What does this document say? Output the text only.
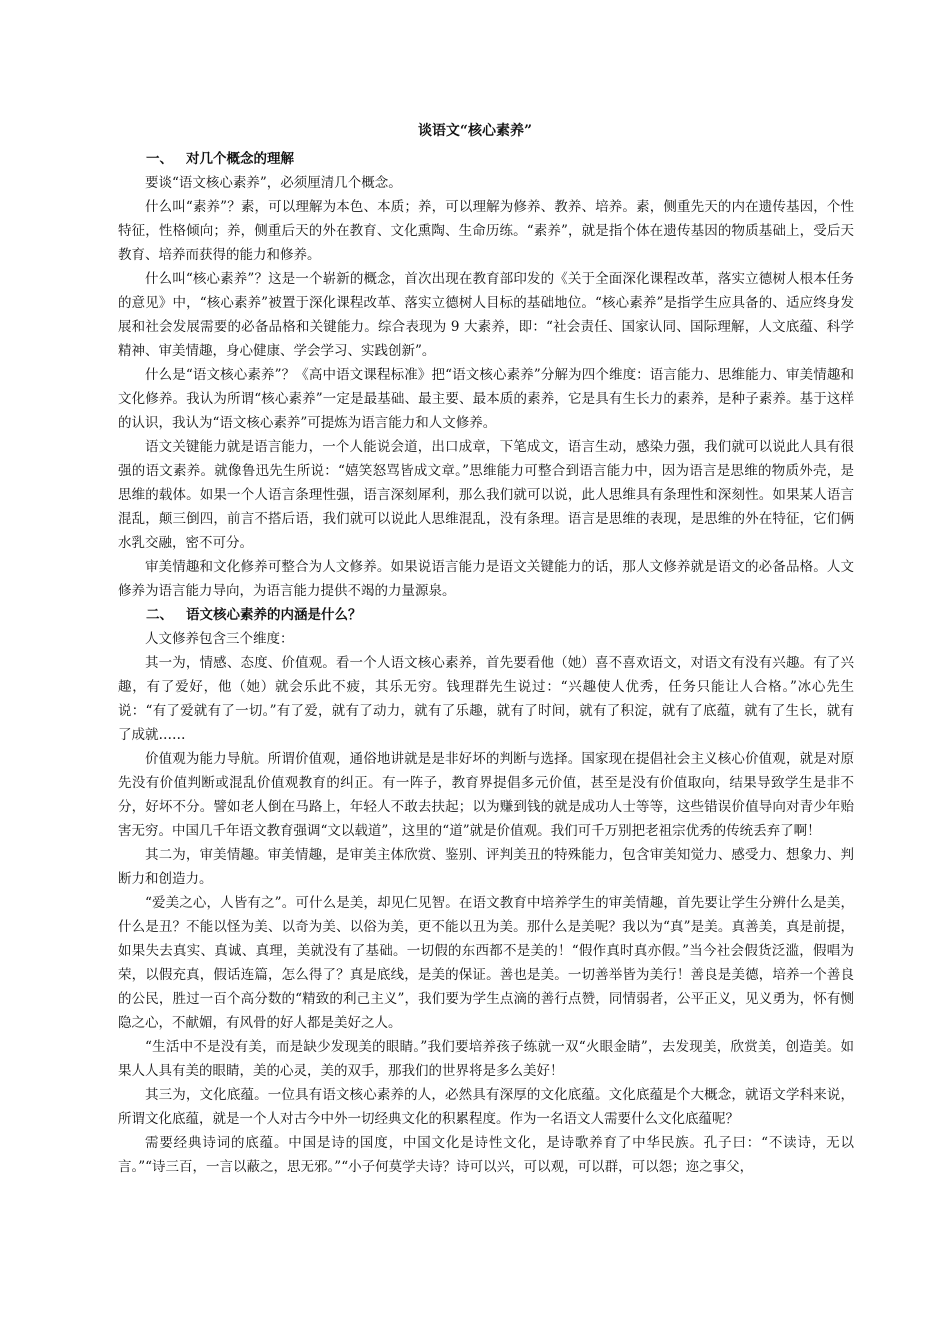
谈语文“核心素养”
一、 对几个概念的理解

要谈“语文核心素养”，必须厘清几个概念。

什么叫“素养”？素，可以理解为本色、本质；养，可以理解为修养、教养、培养。素，侧重先天的内在遗传基因，个性特征，性格倾向；养，侧重后天的外在教育、文化熏陶、生命历练。“素养”，就是指个体在遗传基因的物质基础上，受后天教育、培养而获得的能力和修养。

什么叫“核心素养”？这是一个崭新的概念，首次出现在教育部印发的《关于全面深化课程改革，落实立德树人根本任务的意见》中，“核心素养”被置于深化课程改革、落实立德树人目标的基础地位。“核心素养”是指学生应具备的、适应终身发展和社会发展需要的必备品格和关键能力。综合表现为 9 大素养，即：“社会责任、国家认同、国际理解，人文底蕴、科学精神、审美情趣，身心健康、学会学习、实践创新”。

什么是“语文核心素养”？《高中语文课程标准》把“语文核心素养”分解为四个维度：语言能力、思维能力、审美情趣和文化修养。我认为所谓“核心素养”一定是最基础、最主要、最本质的素养，它是具有生长力的素养，是种子素养。基于这样的认识，我认为“语文核心素养”可提炼为语言能力和人文修养。

语文关键能力就是语言能力，一个人能说会道，出口成章，下笔成文，语言生动，感染力强，我们就可以说此人具有很强的语文素养。就像鲁迅先生所说：“嬉笑怒骂皆成文章。”思维能力可整合到语言能力中，因为语言是思维的物质外壳，是思维的载体。如果一个人语言条理性强，语言深刻犀利，那么我们就可以说，此人思维具有条理性和深刻性。如果某人语言混乱，颠三倒四，前言不搭后语，我们就可以说此人思维混乱，没有条理。语言是思维的表现，是思维的外在特征，它们俩水乳交融，密不可分。

审美情趣和文化修养可整合为人文修养。如果说语言能力是语文关键能力的话，那人文修养就是语文的必备品格。人文修养为语言能力导向，为语言能力提供不竭的力量源泉。

二、 语文核心素养的内涵是什么？

人文修养包含三个维度：

其一为，情感、态度、价值观。看一个人语文核心素养，首先要看他（她）喜不喜欢语文，对语文有没有兴趣。有了兴趣，有了爱好，他（她）就会乐此不疲，其乐无穷。钱理群先生说过：“兴趣使人优秀，任务只能让人合格。”冰心先生说：“有了爱就有了一切。”有了爱，就有了动力，就有了乐趣，就有了时间，就有了积淀，就有了底蕴，就有了生长，就有了成就……

价值观为能力导航。所谓价值观，通俗地讲就是是非好坏的判断与选择。国家现在提倡社会主义核心价值观，就是对原先没有价值判断或混乱价值观教育的纠正。有一阵子，教育界提倡多元价值，甚至是没有价值取向，结果导致学生是非不分，好坏不分。譬如老人倒在马路上，年轻人不敢去扶起；以为赚到钱的就是成功人士等等，这些错误价值导向对青少年贻害无穷。中国几千年语文教育强调“文以载道”，这里的“道”就是价值观。我们可千万别把老祖宗优秀的传统丢弃了啊！

其二为，审美情趣。审美情趣，是审美主体欣赏、鉴别、评判美丑的特殊能力，包含审美知觉力、感受力、想象力、判断力和创造力。

“爱美之心，人皆有之”。可什么是美，却见仁见智。在语文教育中培养学生的审美情趣，首先要让学生分辨什么是美，什么是丑？不能以怪为美、以奇为美、以俗为美，更不能以丑为美。那什么是美呢？我以为“真”是美。真善美，真是前提，如果失去真实、真诚、真理，美就没有了基础。一切假的东西都不是美的！“假作真时真亦假。”当今社会假货泛滥，假唱为荣，以假充真，假话连篇，怎么得了？真是底线，是美的保证。善也是美。一切善举皆为美行！善良是美德，培养一个善良的公民，胜过一百个高分数的“精致的利己主义”，我们要为学生点滴的善行点赞，同情弱者，公平正义，见义勇为，怀有恻隐之心，不献媚，有风骨的好人都是美好之人。

“生活中不是没有美，而是缺少发现美的眼睛。”我们要培养孩子练就一双“火眼金睛”，去发现美，欣赏美，创造美。如果人人具有美的眼睛，美的心灵，美的双手，那我们的世界将是多么美好！

其三为，文化底蕴。一位具有语文核心素养的人，必然具有深厚的文化底蕴。文化底蕴是个大概念，就语文学科来说，所谓文化底蕴，就是一个人对古今中外一切经典文化的积累程度。作为一名语文人需要什么文化底蕴呢？

需要经典诗词的底蕴。中国是诗的国度，中国文化是诗性文化，是诗歌养育了中华民族。孔子曰：“不读诗，无以言。”“诗三百，一言以蔽之，思无邪。”“小子何莫学夫诗？诗可以兴，可以观，可以群，可以怨；迩之事父，
